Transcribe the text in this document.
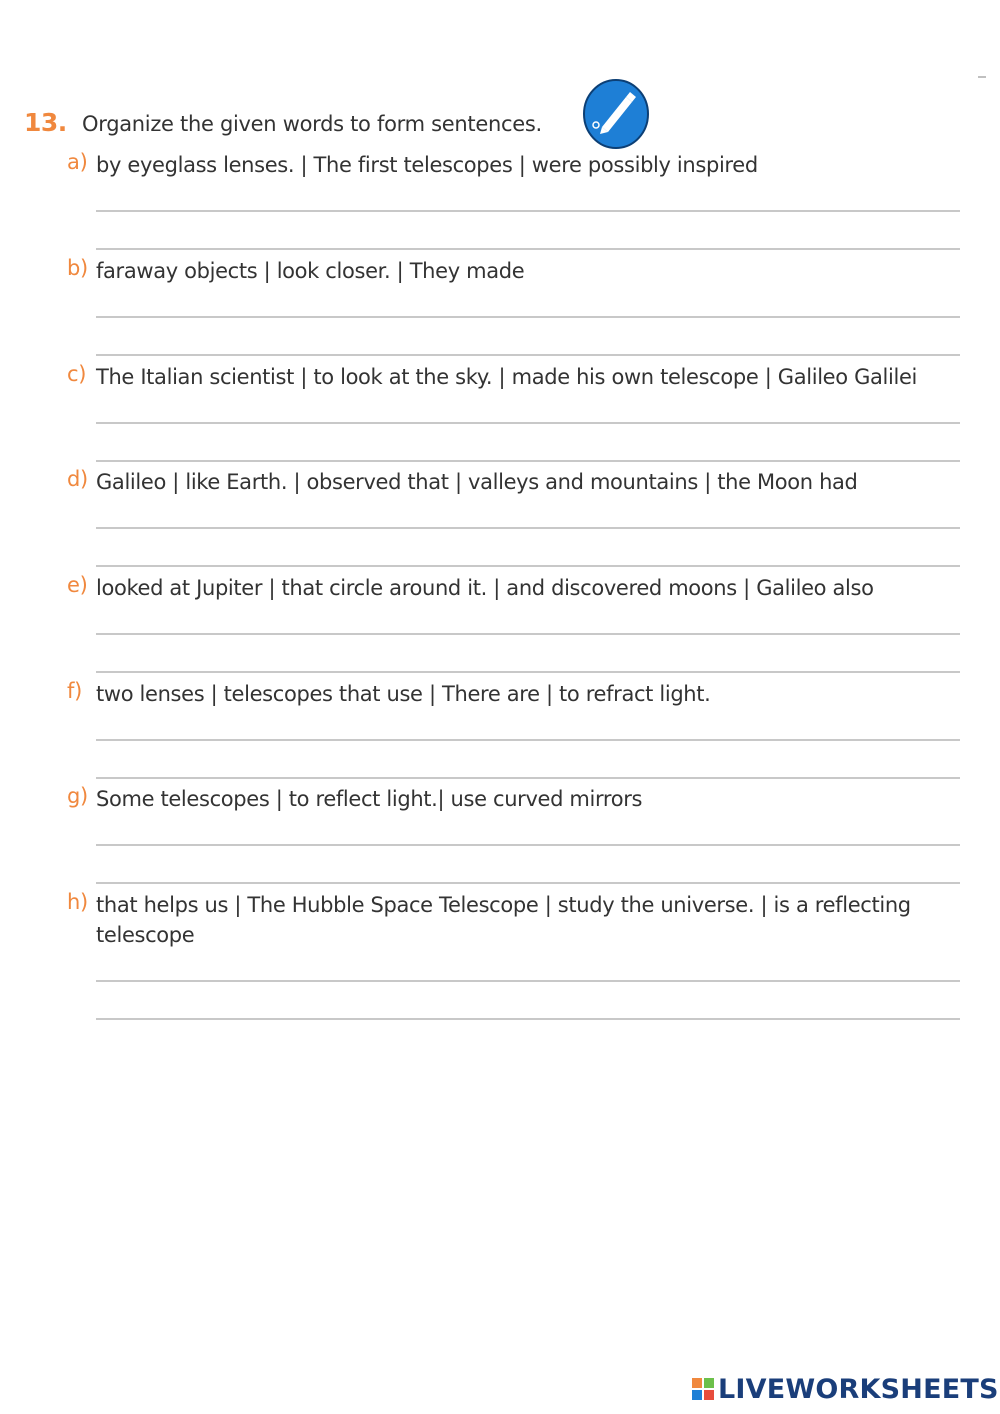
13. Organize the given words to form sentences.
a) by eyeglass lenses. | The first telescopes | were possibly inspired
b) faraway objects | look closer. | They made
c) The Italian scientist | to look at the sky. | made his own telescope | Galileo Galilei
d) Galileo | like Earth. | observed that | valleys and mountains | the Moon had
e) looked at Jupiter | that circle around it. | and discovered moons | Galileo also
f) two lenses | telescopes that use | There are | to refract light.
g) Some telescopes | to reflect light.| use curved mirrors
h) that helps us | The Hubble Space Telescope | study the universe. | is a reflecting telescope
LIVEWORKSHEETS
